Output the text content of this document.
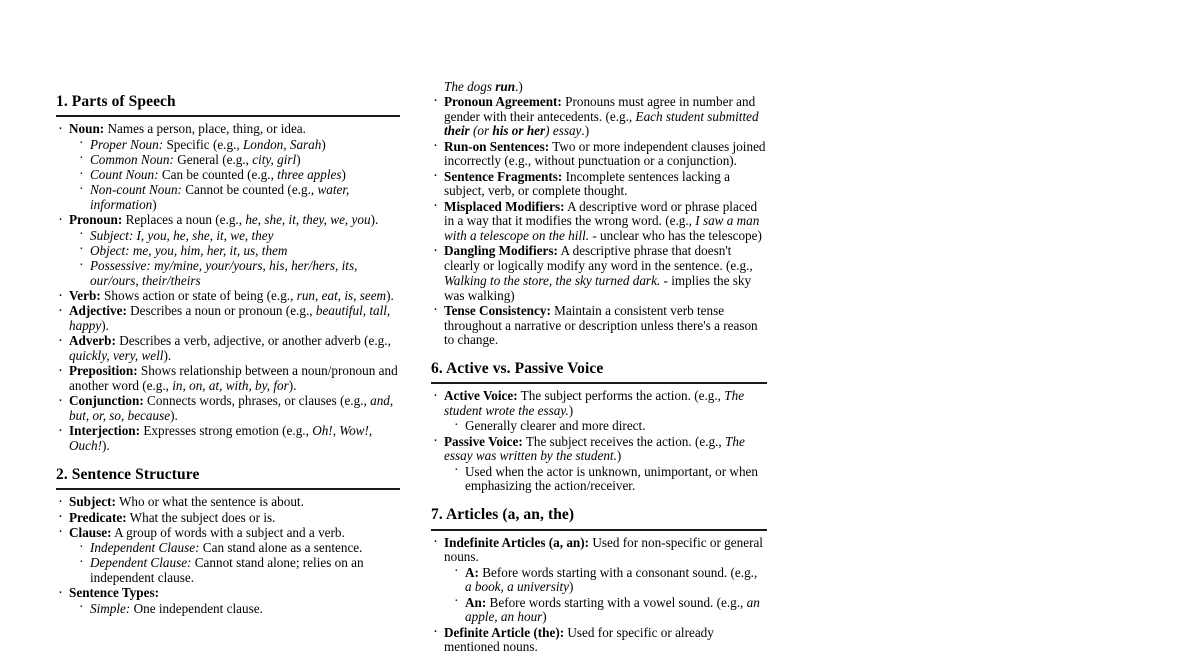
1. Parts of Speech
· Noun: Names a person, place, thing, or idea.
· Proper Noun: Specific (e.g., London, Sarah)
· Common Noun: General (e.g., city, girl)
· Count Noun: Can be counted (e.g., three apples)
· Non-count Noun: Cannot be counted (e.g., water, information)
· Pronoun: Replaces a noun (e.g., he, she, it, they, we, you).
· Subject: I, you, he, she, it, we, they
· Object: me, you, him, her, it, us, them
· Possessive: my/mine, your/yours, his, her/hers, its, our/ours, their/theirs
· Verb: Shows action or state of being (e.g., run, eat, is, seem).
· Adjective: Describes a noun or pronoun (e.g., beautiful, tall, happy).
· Adverb: Describes a verb, adjective, or another adverb (e.g., quickly, very, well).
· Preposition: Shows relationship between a noun/pronoun and another word (e.g., in, on, at, with, by, for).
· Conjunction: Connects words, phrases, or clauses (e.g., and, but, or, so, because).
· Interjection: Expresses strong emotion (e.g., Oh!, Wow!, Ouch!).
2. Sentence Structure
· Subject: Who or what the sentence is about.
· Predicate: What the subject does or is.
· Clause: A group of words with a subject and a verb.
· Independent Clause: Can stand alone as a sentence.
· Dependent Clause: Cannot stand alone; relies on an independent clause.
· Sentence Types:
· Simple: One independent clause.
The dogs run.)
· Pronoun Agreement: Pronouns must agree in number and gender with their antecedents. (e.g., Each student submitted their (or his or her) essay.)
· Run-on Sentences: Two or more independent clauses joined incorrectly (e.g., without punctuation or a conjunction).
· Sentence Fragments: Incomplete sentences lacking a subject, verb, or complete thought.
· Misplaced Modifiers: A descriptive word or phrase placed in a way that it modifies the wrong word. (e.g., I saw a man with a telescope on the hill. - unclear who has the telescope)
· Dangling Modifiers: A descriptive phrase that doesn't clearly or logically modify any word in the sentence. (e.g., Walking to the store, the sky turned dark. - implies the sky was walking)
· Tense Consistency: Maintain a consistent verb tense throughout a narrative or description unless there's a reason to change.
6. Active vs. Passive Voice
· Active Voice: The subject performs the action. (e.g., The student wrote the essay.)
· Generally clearer and more direct.
· Passive Voice: The subject receives the action. (e.g., The essay was written by the student.)
· Used when the actor is unknown, unimportant, or when emphasizing the action/receiver.
7. Articles (a, an, the)
· Indefinite Articles (a, an): Used for non-specific or general nouns.
· A: Before words starting with a consonant sound. (e.g., a book, a university)
· An: Before words starting with a vowel sound. (e.g., an apple, an hour)
· Definite Article (the): Used for specific or already mentioned nouns.
